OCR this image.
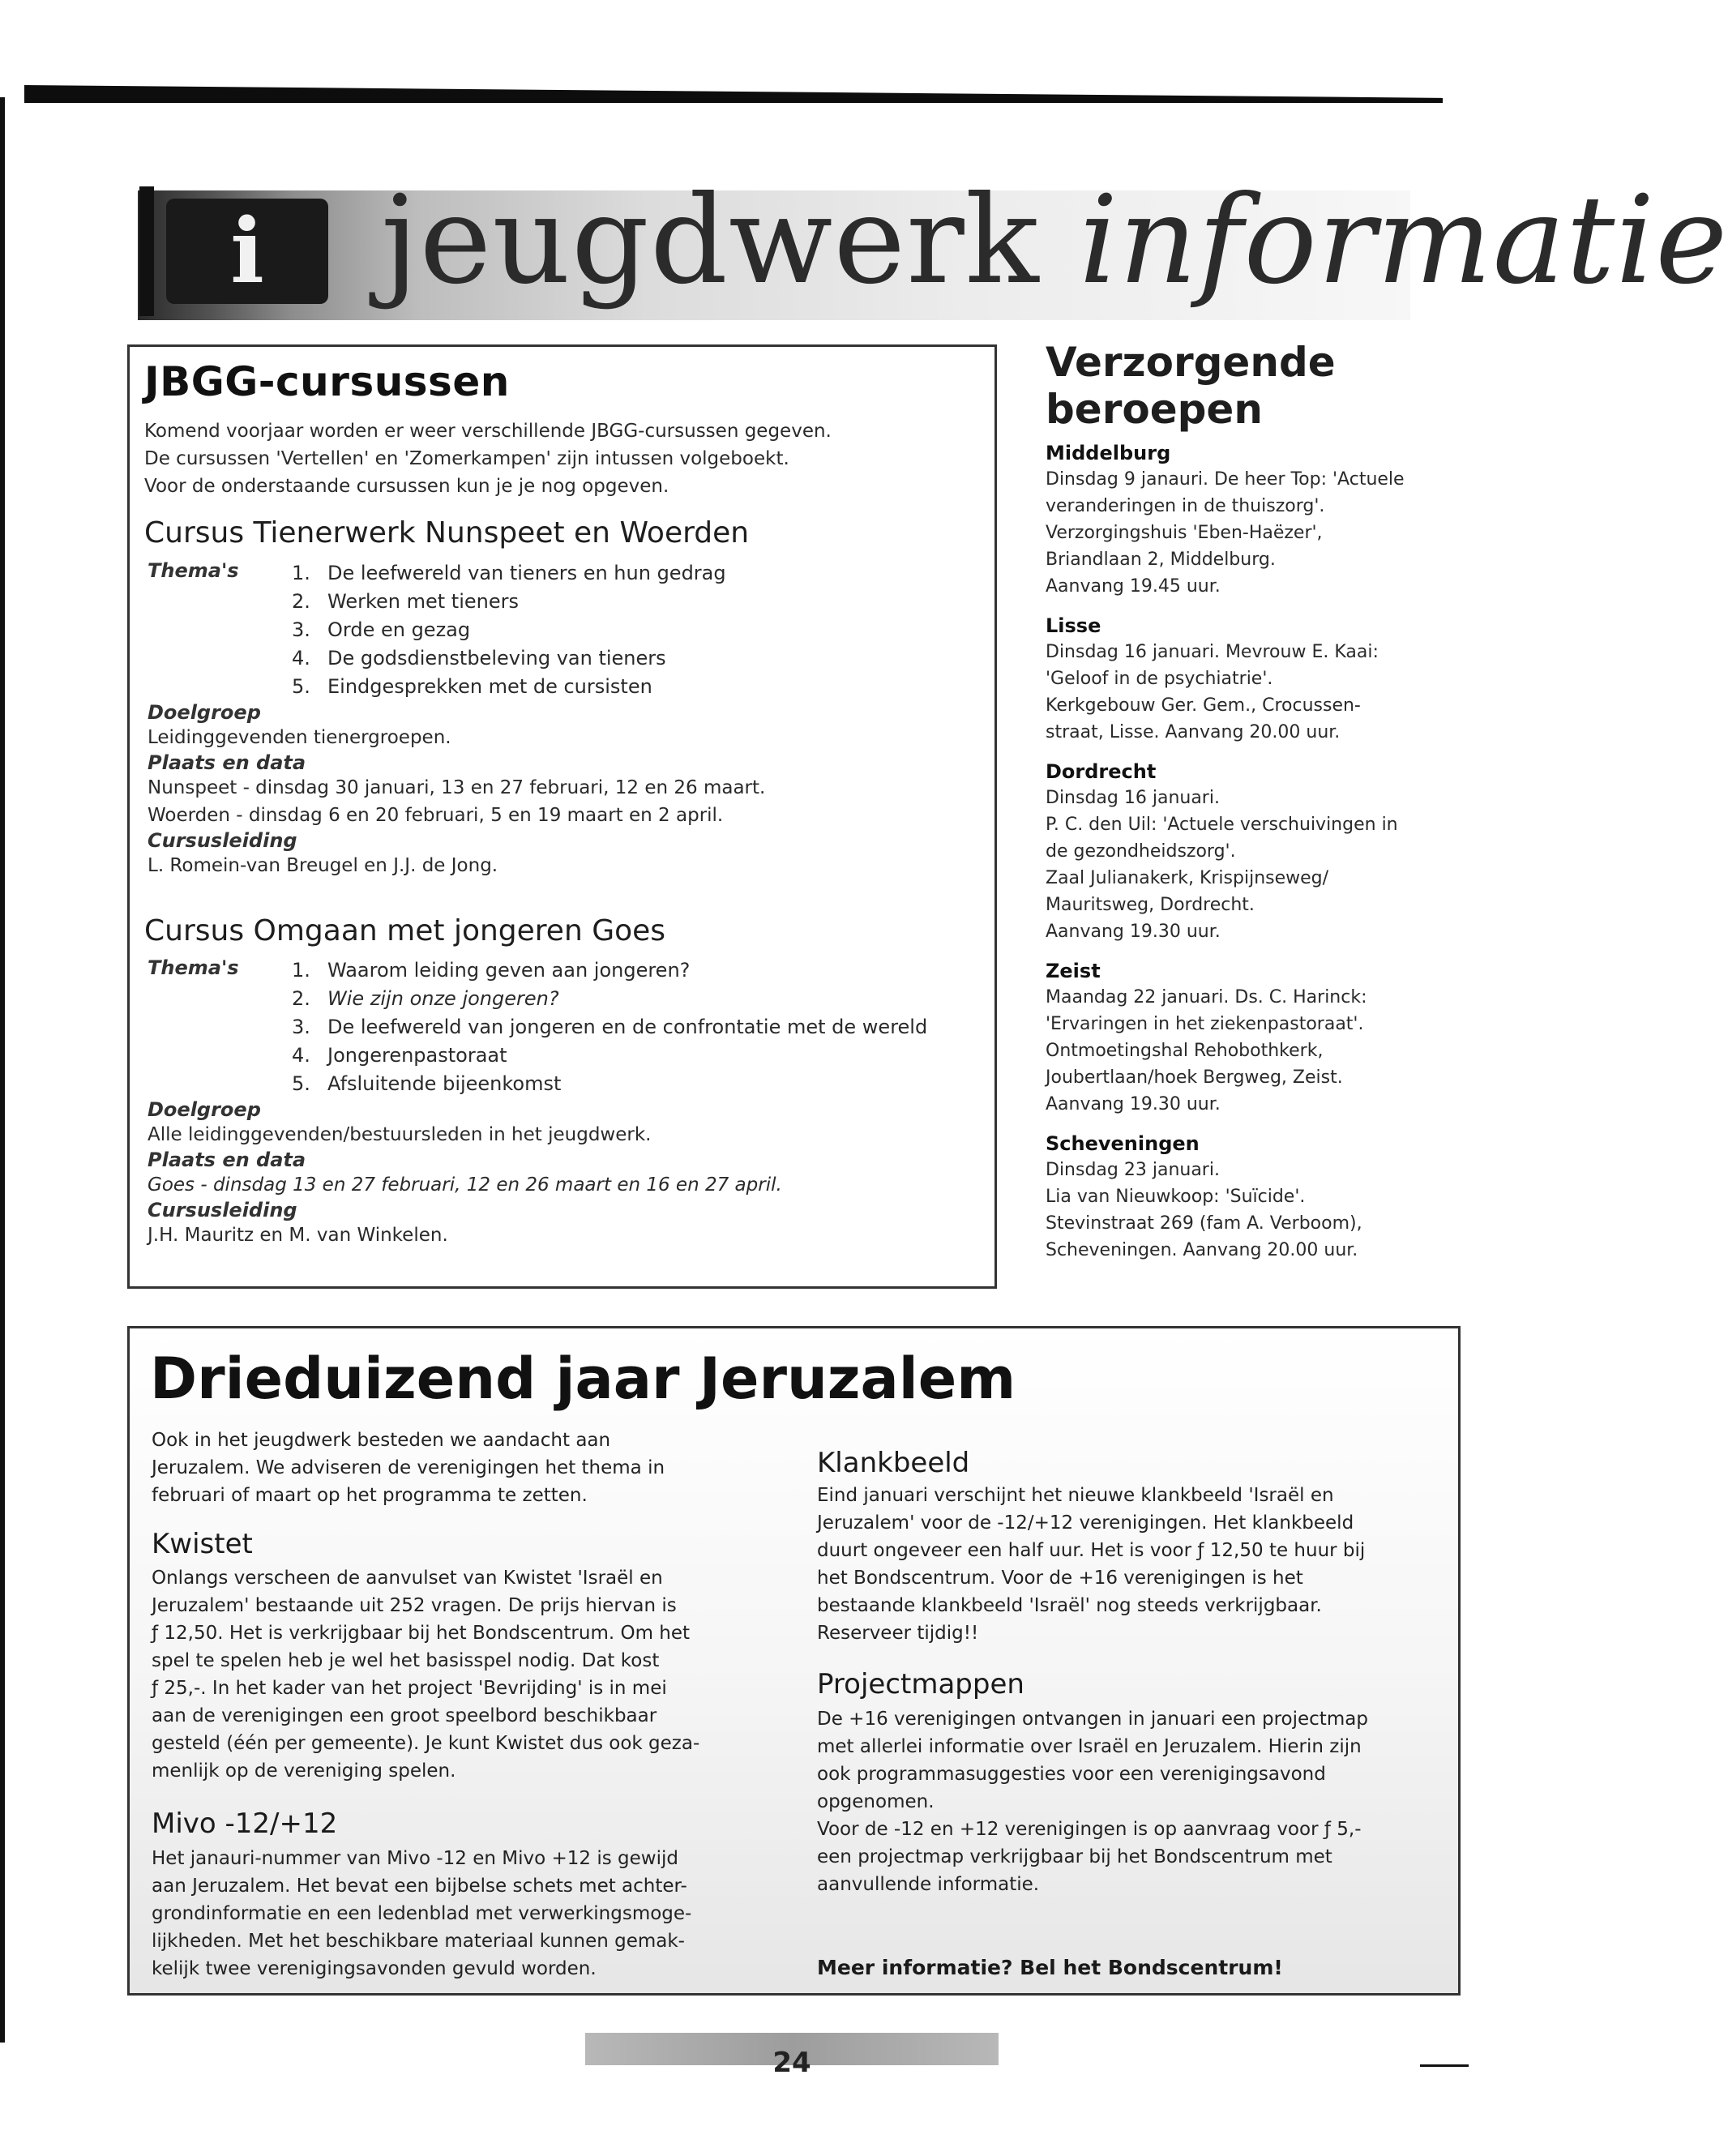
i jeugdwerk informatie
JBGG-cursussen
Komend voorjaar worden er weer verschillende JBGG-cursussen gegeven.
De cursussen 'Vertellen' en 'Zomerkampen' zijn intussen volgeboekt.
Voor de onderstaande cursussen kun je je nog opgeven.
Cursus Tienerwerk Nunspeet en Woerden
Thema's	1. De leefwereld van tieners en hun gedrag
2. Werken met tieners
3. Orde en gezag
4. De godsdienstbeleving van tieners
5. Eindgesprekken met de cursisten
Doelgroep
Leidinggevenden tienergroepen.
Plaats en data
Nunspeet - dinsdag 30 januari, 13 en 27 februari, 12 en 26 maart.
Woerden - dinsdag 6 en 20 februari, 5 en 19 maart en 2 april.
Cursusleiding
L. Romein-van Breugel en J.J. de Jong.
Cursus Omgaan met jongeren Goes
Thema's	1. Waarom leiding geven aan jongeren?
2. Wie zijn onze jongeren?
3. De leefwereld van jongeren en de confrontatie met de wereld
4. Jongerenpastoraat
5. Afsluitende bijeenkomst
Doelgroep
Alle leidinggevenden/bestuursleden in het jeugdwerk.
Plaats en data
Goes - dinsdag 13 en 27 februari, 12 en 26 maart en 16 en 27 april.
Cursusleiding
J.H. Mauritz en M. van Winkelen.
Verzorgende
beroepen
Middelburg
Dinsdag 9 janauri. De heer Top: 'Actuele
veranderingen in de thuiszorg'.
Verzorgingshuis 'Eben-Haëzer',
Briandlaan 2, Middelburg.
Aanvang 19.45 uur.
Lisse
Dinsdag 16 januari. Mevrouw E. Kaai:
'Geloof in de psychiatrie'.
Kerkgebouw Ger. Gem., Crocussen-
straat, Lisse. Aanvang 20.00 uur.
Dordrecht
Dinsdag 16 januari.
P. C. den Uil: 'Actuele verschuivingen in
de gezondheidszorg'.
Zaal Julianakerk, Krispijnseweg/
Mauritsweg, Dordrecht.
Aanvang 19.30 uur.
Zeist
Maandag 22 januari. Ds. C. Harinck:
'Ervaringen in het ziekenpastoraat'.
Ontmoetingshal Rehobothkerk,
Joubertlaan/hoek Bergweg, Zeist.
Aanvang 19.30 uur.
Scheveningen
Dinsdag 23 januari.
Lia van Nieuwkoop: 'Suïcide'.
Stevinstraat 269 (fam A. Verboom),
Scheveningen. Aanvang 20.00 uur.
Drieduizend jaar Jeruzalem
Ook in het jeugdwerk besteden we aandacht aan
Jeruzalem. We adviseren de verenigingen het thema in
februari of maart op het programma te zetten.
Kwistet
Onlangs verscheen de aanvulset van Kwistet 'Israël en
Jeruzalem' bestaande uit 252 vragen. De prijs hiervan is
ƒ 12,50. Het is verkrijgbaar bij het Bondscentrum. Om het
spel te spelen heb je wel het basisspel nodig. Dat kost
ƒ 25,-. In het kader van het project 'Bevrijding' is in mei
aan de verenigingen een groot speelbord beschikbaar
gesteld (één per gemeente). Je kunt Kwistet dus ook geza-
menlijk op de vereniging spelen.
Mivo -12/+12
Het janauri-nummer van Mivo -12 en Mivo +12 is gewijd
aan Jeruzalem. Het bevat een bijbelse schets met achter-
grondinformatie en een ledenblad met verwerkingsmoge-
lijkheden. Met het beschikbare materiaal kunnen gemak-
kelijk twee verenigingsavonden gevuld worden.
Klankbeeld
Eind januari verschijnt het nieuwe klankbeeld 'Israël en
Jeruzalem' voor de -12/+12 verenigingen. Het klankbeeld
duurt ongeveer een half uur. Het is voor ƒ 12,50 te huur bij
het Bondscentrum. Voor de +16 verenigingen is het
bestaande klankbeeld 'Israël' nog steeds verkrijgbaar.
Reserveer tijdig!!
Projectmappen
De +16 verenigingen ontvangen in januari een projectmap
met allerlei informatie over Israël en Jeruzalem. Hierin zijn
ook programmasuggesties voor een verenigingsavond
opgenomen.
Voor de -12 en +12 verenigingen is op aanvraag voor ƒ 5,-
een projectmap verkrijgbaar bij het Bondscentrum met
aanvullende informatie.
Meer informatie? Bel het Bondscentrum!
24
